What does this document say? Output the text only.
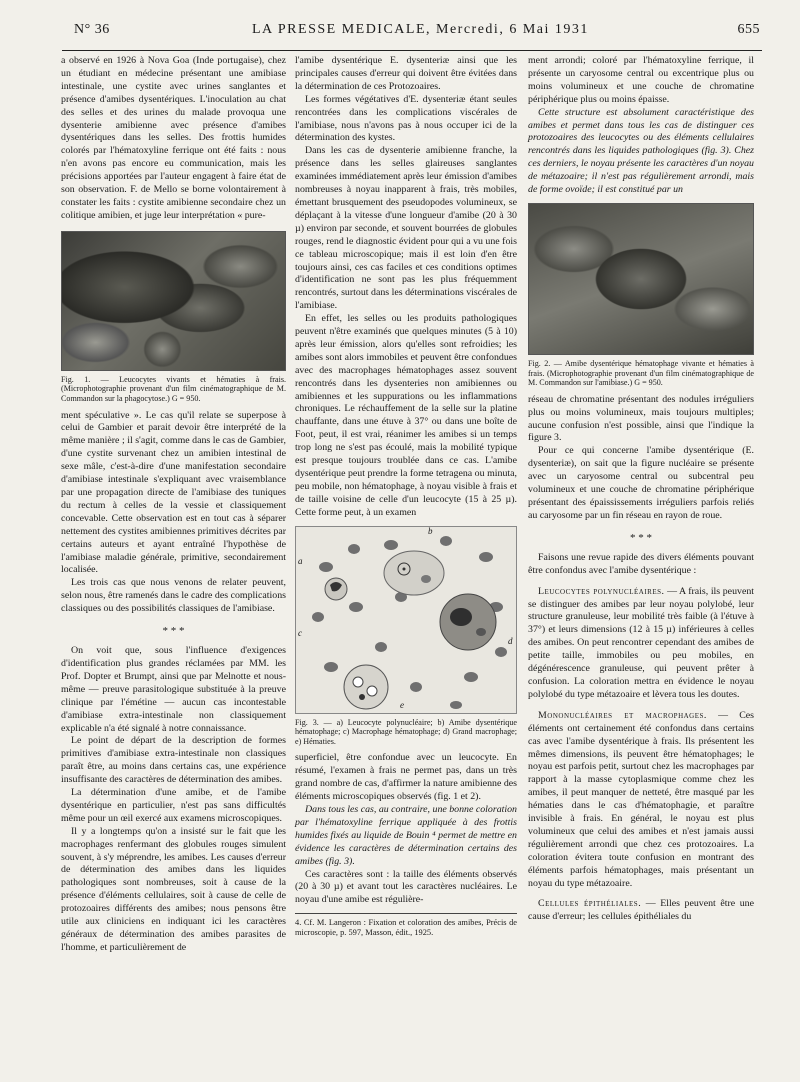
N° 36	LA PRESSE MEDICALE, Mercredi, 6 Mai 1931	655

a observé en 1926 à Nova Goa (Inde portugaise), chez un étudiant en médecine présentant une amibiase intestinale, une cystite avec urines sanglantes et présence d'amibes dysentériques. L'inoculation au chat des selles et des urines du malade provoqua une dysenterie amibienne avec présence d'amibes dysentériques dans les selles. Des frottis humides colorés par l'hématoxyline ferrique ont été faits : nous n'en avons pas encore eu communication, mais les précisions apportées par l'auteur engagent à faire état de son observation. F. de Mello se borne volontairement à constater les faits : cystite amibienne secondaire chez un colitique amibien, et juge leur interprétation « pure-

Fig. 1. — Leucocytes vivants et hématies à frais. (Microphotographie provenant d'un film cinématographique de M. Commandon sur la phagocytose.) G = 950.

ment spéculative ». Le cas qu'il relate se superpose à celui de Gambier et parait devoir être interprété de la même manière ; il s'agit, comme dans le cas de Gambier, d'une cystite survenant chez un amibien intestinal de sexe mâle, c'est-à-dire d'une manifestation secondaire d'amibiase intestinale s'expliquant avec vraisemblance par une propagation directe de l'amibiase des tuniques du rectum à celles de la vessie et classiquement concevable. Cette observation est en tout cas à séparer nettement des cystites amibiennes primitives décrites par certains auteurs et ayant entraîné l'hypothèse de l'amibiase maladie générale, primitive, secondairement localisée.

Les trois cas que nous venons de relater peuvent, selon nous, être ramenés dans le cadre des complications classiques ou des possibilités classiques de l'amibiase.

* * *

On voit que, sous l'influence d'exigences d'identification plus grandes réclamées par MM. les Prof. Dopter et Brumpt, ainsi que par Melnotte et nous-même — preuve parasitologique substituée à la preuve clinique par l'émétine — aucun cas incontestable d'amibiase extra-intestinale non classiquement explicable n'a été signalé à notre connaissance.

Le point de départ de la description de formes primitives d'amibiase extra-intestinale non classiques paraît être, au moins dans certains cas, une expérience insuffisante des caractères de détermination des amibes.

La détermination d'une amibe, et de l'amibe dysentérique en particulier, n'est pas sans difficultés même pour un œil exercé aux examens microscopiques.

Il y a longtemps qu'on a insisté sur le fait que les macrophages renfermant des globules rouges simulent souvent, à s'y méprendre, les amibes. Les causes d'erreur de détermination des amibes dans les liquides pathologiques sont nombreuses, soit à cause de la présence d'éléments cellulaires, soit à cause de celle de protozoaires différents des amibes; nous pensons être utile aux cliniciens en indiquant ici les caractères généraux de détermination des amibes parasites de l'homme, et particulièrement de

l'amibe dysentérique E. dysenteriæ ainsi que les principales causes d'erreur qui doivent être évitées dans la détermination de ces Protozoaires.

Les formes végétatives d'E. dysenteriæ étant seules rencontrées dans les complications viscérales de l'amibiase, nous n'avons pas à nous occuper ici de la détermination des kystes.

Dans les cas de dysenterie amibienne franche, la présence dans les selles glaireuses sanglantes examinées immédiatement après leur émission d'amibes nombreuses à noyau inapparent à frais, très mobiles, émettant brusquement des pseudopodes volumineux, se déplaçant à la vitesse d'une longueur d'amibe (20 à 30 µ) environ par seconde, et souvent bourrées de globules rouges, rend le diagnostic évident pour qui a vu une fois ce tableau microscopique; mais il est loin d'en être toujours ainsi, ces cas faciles et ces conditions optimes d'identification ne sont pas les plus fréquemment rencontrés, surtout dans les déterminations viscérales de l'amibiase.

En effet, les selles ou les produits pathologiques peuvent n'être examinés que quelques minutes (5 à 10) après leur émission, alors qu'elles sont refroidies; les amibes sont alors immobiles et peuvent être confondues avec des macrophages hématophages assez souvent rencontrés dans les dysenteries non amibiennes ou amibiennes et les suppurations ou les inflammations chroniques. Le réchauffement de la selle sur la platine chauffante, dans une étuve à 37° ou dans une boîte de Foot, peut, il est vrai, réanimer les amibes si un temps trop long ne s'est pas écoulé, mais la mobilité typique est presque toujours troublée dans ce cas. L'amibe dysentérique peut prendre la forme tetragena ou minuta, peu mobile, non hématophage, à noyau visible à frais et de taille voisine de celle d'un leucocyte (15 à 25 µ). Cette forme peut, à un examen

a
b
c
d
e
Fig. 3. — a) Leucocyte polynucléaire; b) Amibe dysentérique hématophage; c) Macrophage hématophage; d) Grand macrophage; e) Hématies.

superficiel, être confondue avec un leucocyte. En résumé, l'examen à frais ne permet pas, dans un très grand nombre de cas, d'affirmer la nature amibienne des éléments microscopiques observés (fig. 1 et 2).

Dans tous les cas, au contraire, une bonne coloration par l'hématoxyline ferrique appliquée à des frottis humides fixés au liquide de Bouin ⁴ permet de mettre en évidence les caractères de détermination certains des amibes (fig. 3).

Ces caractères sont : la taille des éléments observés (20 à 30 µ) et avant tout les caractères nucléaires. Le noyau d'une amibe est régulière-

4. Cf. M. Langeron : Fixation et coloration des amibes, Précis de microscopie, p. 597, Masson, édit., 1925.

ment arrondi; coloré par l'hématoxyline ferrique, il présente un caryosome central ou excentrique plus ou moins volumineux et une couche de chromatine périphérique plus ou moins épaisse.

Cette structure est absolument caractéristique des amibes et permet dans tous les cas de distinguer ces protozoaires des leucocytes ou des éléments cellulaires rencontrés dans les liquides pathologiques (fig. 3). Chez ces derniers, le noyau présente les caractères d'un noyau de métazoaire; il n'est pas régulièrement arrondi, mais de forme ovoïde; il est constitué par un

Fig. 2. — Amibe dysentérique hématophage vivante et hématies à frais. (Microphotographie provenant d'un film cinématographique de M. Commandon sur l'amibiase.) G = 950.

réseau de chromatine présentant des nodules irréguliers plus ou moins volumineux, mais toujours multiples; aucune confusion n'est possible, ainsi que l'indique la figure 3.

Pour ce qui concerne l'amibe dysentérique (E. dysenteriæ), on sait que la figure nucléaire se présente avec un caryosome central ou subcentral peu volumineux et une couche de chromatine périphérique présentant des épaississements irréguliers parfois reliés au caryosome par un fin réseau en rayon de roue.

* * *

Faisons une revue rapide des divers éléments pouvant être confondus avec l'amibe dysentérique :

Leucocytes polynucléaires. — A frais, ils peuvent se distinguer des amibes par leur noyau polylobé, leur structure granuleuse, leur mobilité très faible (à l'étuve à 37°) et leurs dimensions (12 à 15 µ) inférieures à celles des amibes. On peut rencontrer cependant des amibes de petite taille, immobiles ou peu mobiles, en dégénérescence granuleuse, qui peuvent prêter à confusion. La coloration mettra en évidence le noyau polylobé du type métazoaire et lèvera tous les doutes.

Mononucléaires et macrophages. — Ces éléments ont certainement été confondus dans certains cas avec l'amibe dysentérique à frais. Ils présentent les mêmes dimensions, ils peuvent être hématophages; le noyau est parfois petit, surtout chez les macrophages par rapport à la masse cytoplasmique comme chez les amibes, il peut manquer de netteté, être masqué par les hématies dans le cas d'hématophagie, et paraître invisible à frais. En général, le noyau est plus volumineux que celui des amibes et n'est jamais aussi régulièrement arrondi que chez ces protozoaires. La coloration évitera toute confusion en montrant des éléments parfois hématophages, mais présentant un noyau du type métazoaire.

Cellules épithéliales. — Elles peuvent être une cause d'erreur; les cellules épithéliales du
